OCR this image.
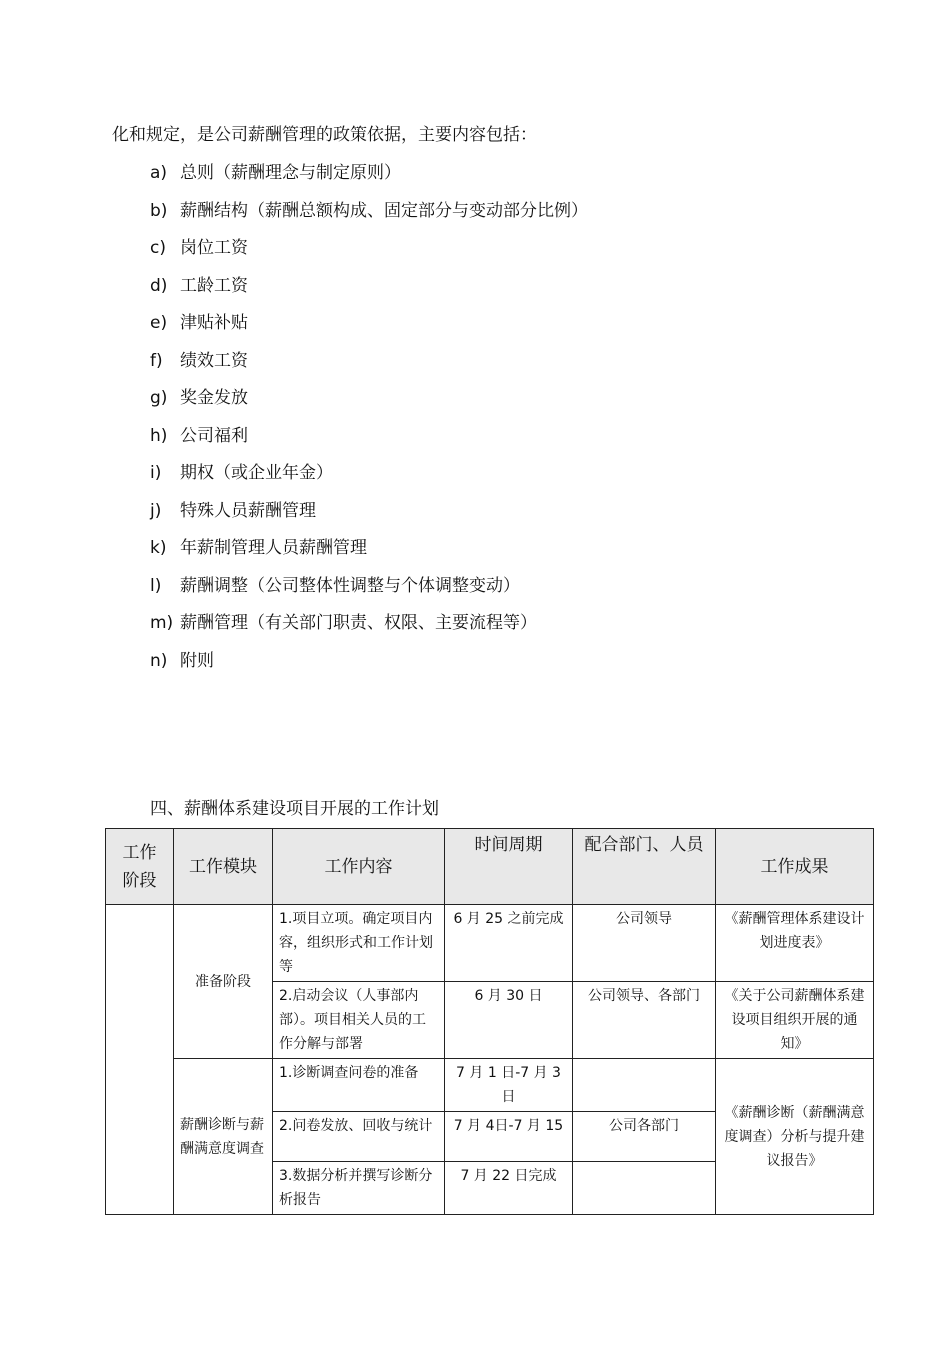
化和规定，是公司薪酬管理的政策依据，主要内容包括：
a) 总则（薪酬理念与制定原则）
b) 薪酬结构（薪酬总额构成、固定部分与变动部分比例）
c) 岗位工资
d) 工龄工资
e) 津贴补贴
f) 绩效工资
g) 奖金发放
h) 公司福利
i) 期权（或企业年金）
j) 特殊人员薪酬管理
k) 年薪制管理人员薪酬管理
l) 薪酬调整（公司整体性调整与个体调整变动）
m) 薪酬管理（有关部门职责、权限、主要流程等）
n) 附则
四、薪酬体系建设项目开展的工作计划
工作
阶段	工作模块	工作内容	时间周期	配合部门、人员	工作成果
	准备阶段	1.项目立项。确定项目内容，组织形式和工作计划等	6 月 25 之前完成	公司领导	《薪酬管理体系建设计划进度表》
		2.启动会议（人事部内部）。项目相关人员的工作分解与部署	6 月 30 日	公司领导、各部门	《关于公司薪酬体系建设项目组织开展的通知》
	薪酬诊断与薪酬满意度调查	1.诊断调查问卷的准备	7 月 1 日-7 月 3 日		《薪酬诊断（薪酬满意度调查）分析与提升建议报告》
		2.问卷发放、回收与统计	7 月 4日-7 月 15	公司各部门	
		3.数据分析并撰写诊断分析报告	7 月 22 日完成		
